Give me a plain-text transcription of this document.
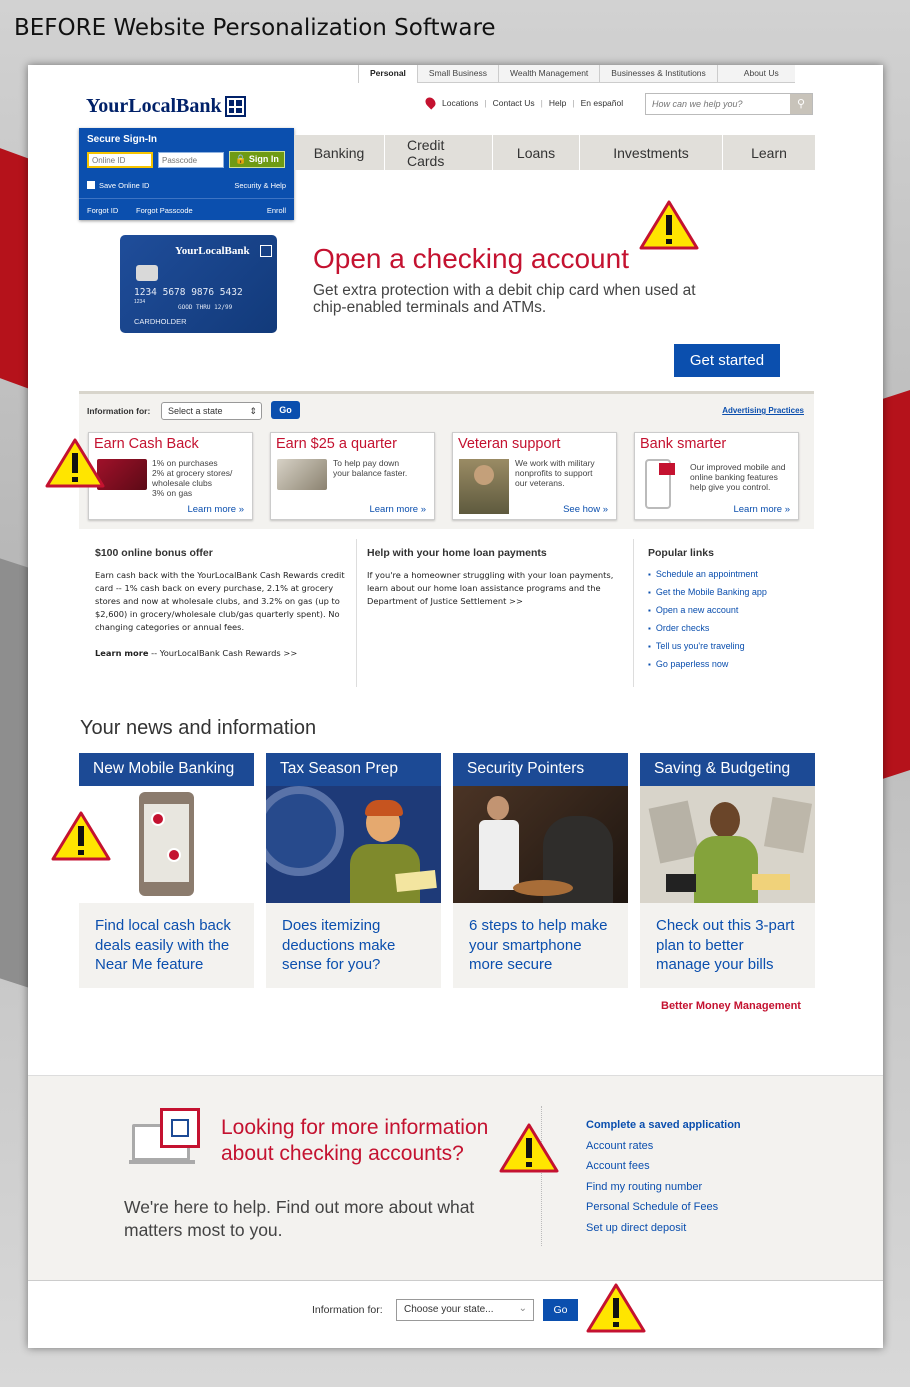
BEFORE Website Personalization Software
Personal	Small Business	Wealth Management	Businesses & Institutions	About Us
YourLocalBank	Locations | Contact Us | Help | En español
How can we help you?	⚲
Secure Sign-In
Online ID
Passcode
🔒 Sign In
Save Online ID	Security & Help
Forgot ID Forgot Passcode	Enroll
Banking	Credit Cards	Loans	Investments	Learn
YourLocalBank
1234 5678 9876 5432
1234
GOOD THRU 12/99
CARDHOLDER
Open a checking account
Get extra protection with a debit chip card when used at chip-enabled terminals and ATMs.
Get started
Information for:	Select a state	⇕	Go	Advertising Practices
Earn Cash Back
1% on purchases
2% at grocery stores/
wholesale clubs
3% on gas
Learn more »
Earn $25 a quarter
To help pay down
your balance faster.
Learn more »
Veteran support
We work with military
nonprofits to support
our veterans.
See how »
Bank smarter
Our improved mobile and
online banking features
help give you control.
Learn more »
$100 online bonus offer
Earn cash back with the YourLocalBank Cash Rewards credit card -- 1% cash back on every purchase, 2.1% at grocery stores and now at wholesale clubs, and 3.2% on gas (up to $2,600) in grocery/wholesale club/gas quarterly spent). No changing categories or annual fees.
Learn more -- YourLocalBank Cash Rewards >>
Help with your home loan payments
If you're a homeowner struggling with your loan payments, learn about our home loan assistance programs and the Department of Justice Settlement >>
Popular links
▪ Schedule an appointment
▪ Get the Mobile Banking app
▪ Open a new account
▪ Order checks
▪ Tell us you're traveling
▪ Go paperless now
Your news and information
New Mobile Banking
Find local cash back deals easily with the Near Me feature
Tax Season Prep
Does itemizing deductions make sense for you?
Security Pointers
6 steps to help make your smartphone more secure
Saving & Budgeting
Check out this 3-part plan to better manage your bills
Better Money Management
Looking for more information about checking accounts?
We're here to help. Find out more about what matters most to you.
Complete a saved application
Account rates
Account fees
Find my routing number
Personal Schedule of Fees
Set up direct deposit
Information for:	Choose your state...	⌄	Go
